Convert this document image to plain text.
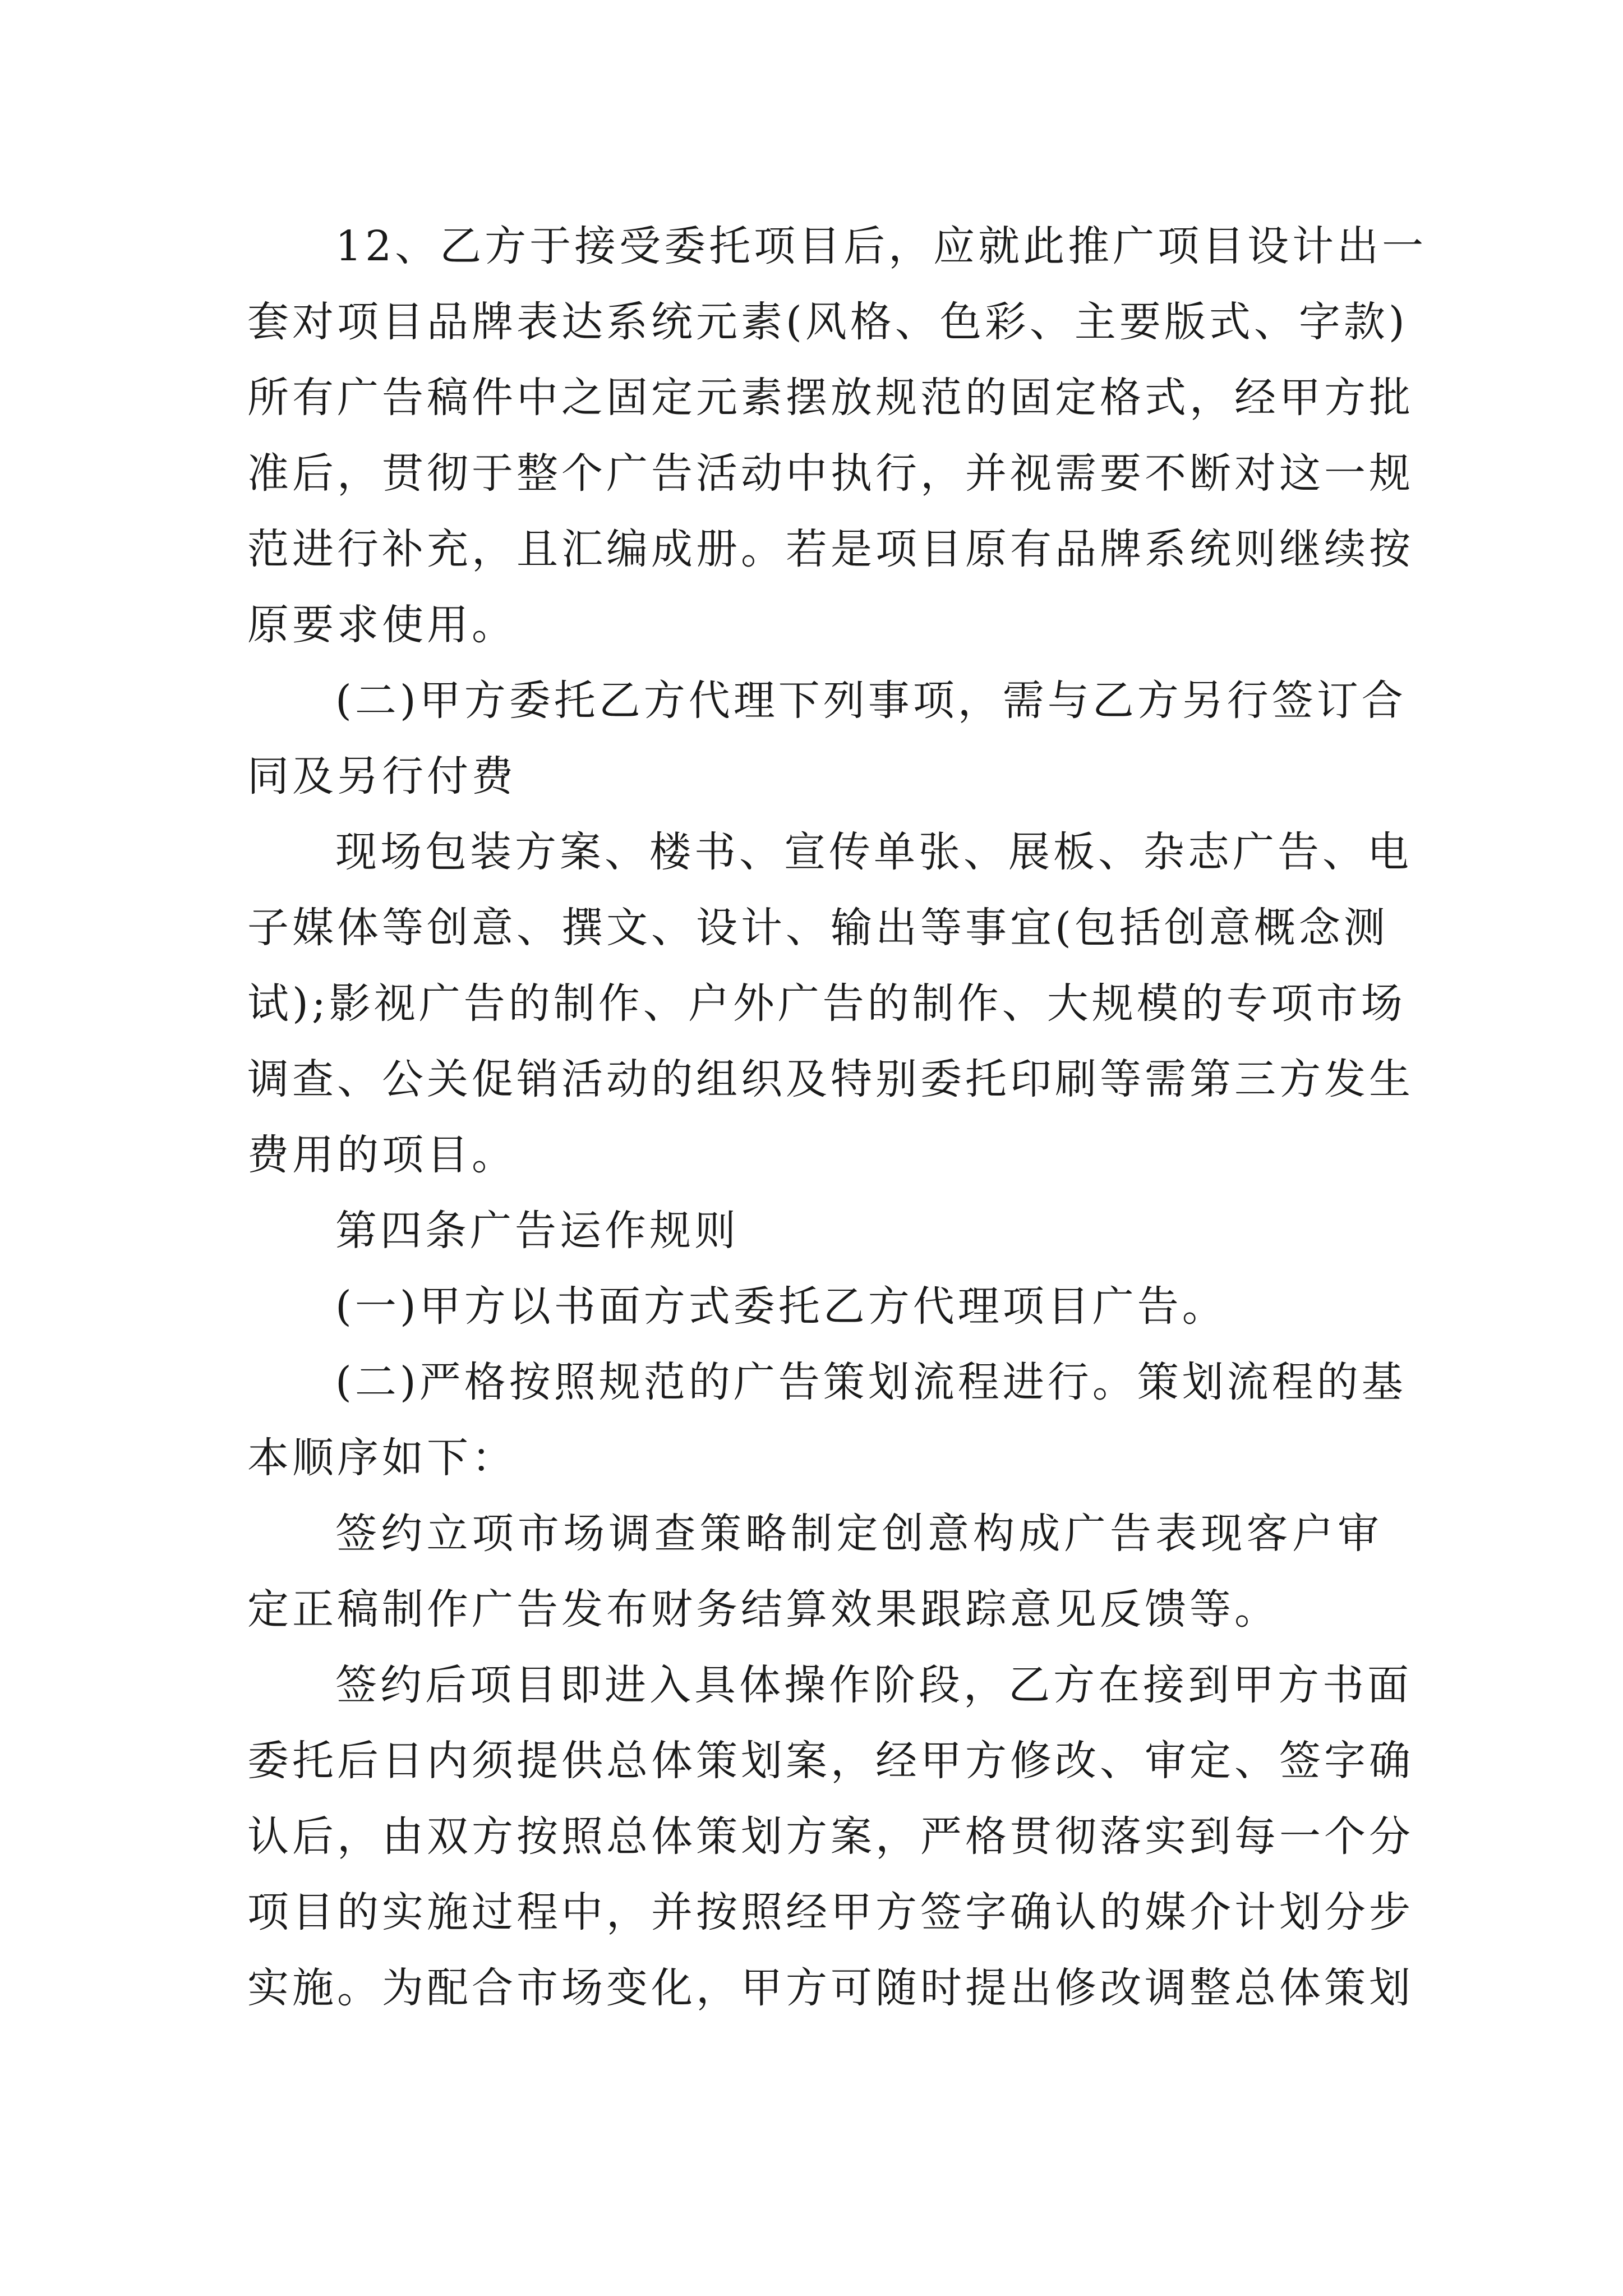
12、乙方于接受委托项目后，应就此推广项目设计出一
套对项目品牌表达系统元素(风格、色彩、主要版式、字款)
所有广告稿件中之固定元素摆放规范的固定格式，经甲方批
准后，贯彻于整个广告活动中执行，并视需要不断对这一规
范进行补充，且汇编成册。若是项目原有品牌系统则继续按
原要求使用。
(二)甲方委托乙方代理下列事项，需与乙方另行签订合
同及另行付费
现场包装方案、楼书、宣传单张、展板、杂志广告、电
子媒体等创意、撰文、设计、输出等事宜(包括创意概念测
试);影视广告的制作、户外广告的制作、大规模的专项市场
调查、公关促销活动的组织及特别委托印刷等需第三方发生
费用的项目。
第四条广告运作规则
(一)甲方以书面方式委托乙方代理项目广告。
(二)严格按照规范的广告策划流程进行。策划流程的基
本顺序如下：
签约立项市场调查策略制定创意构成广告表现客户审
定正稿制作广告发布财务结算效果跟踪意见反馈等。
签约后项目即进入具体操作阶段，乙方在接到甲方书面
委托后日内须提供总体策划案，经甲方修改、审定、签字确
认后，由双方按照总体策划方案，严格贯彻落实到每一个分
项目的实施过程中，并按照经甲方签字确认的媒介计划分步
实施。为配合市场变化，甲方可随时提出修改调整总体策划
